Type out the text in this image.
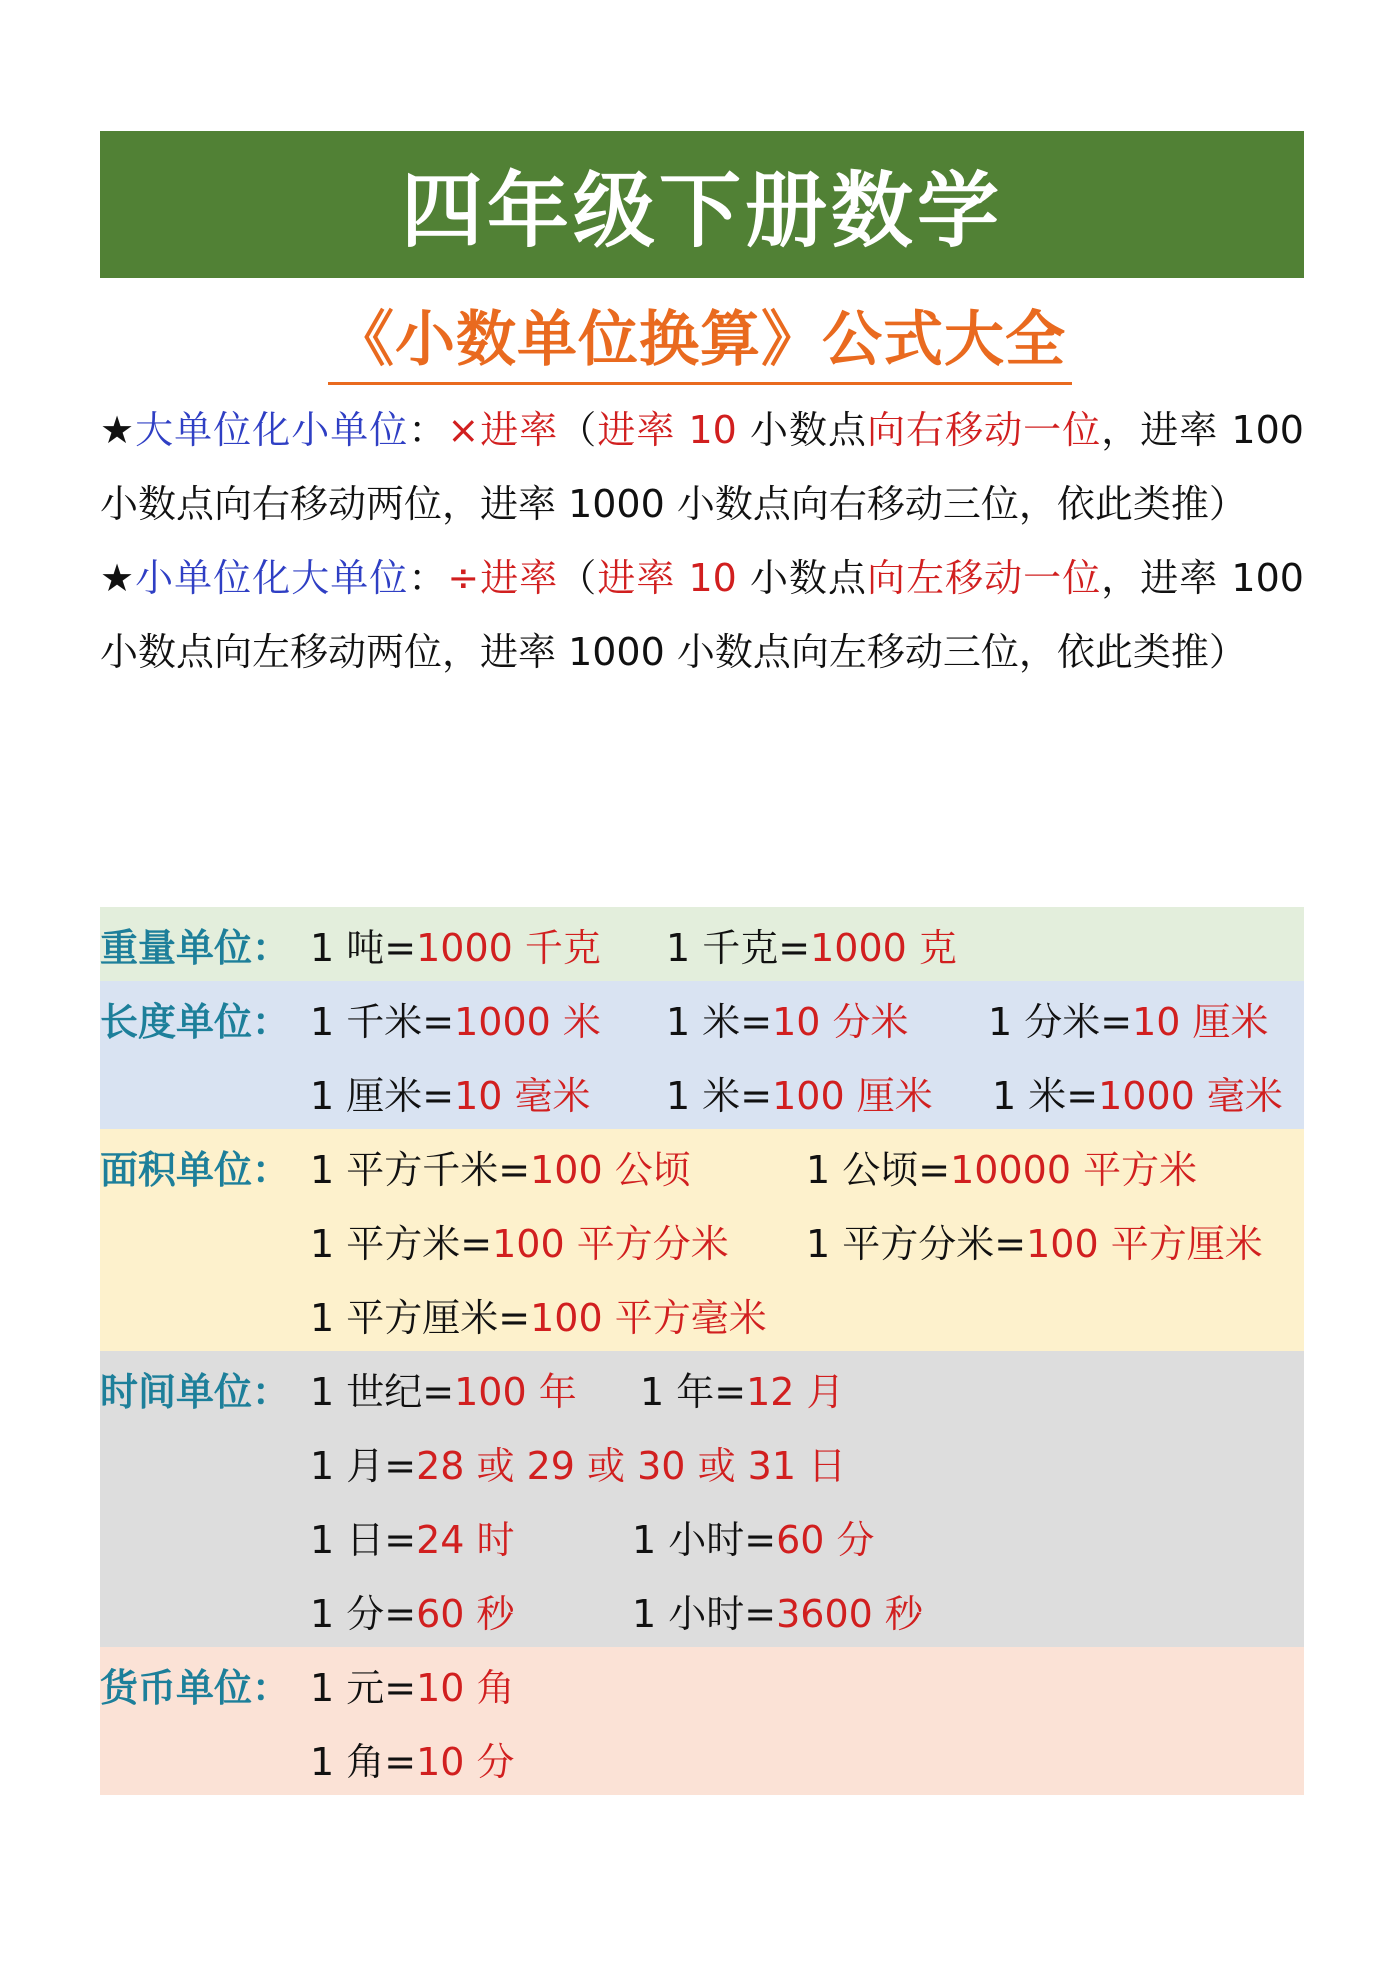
四年级下册数学
《小数单位换算》公式大全

★大单位化小单位：×进率（进率 10 小数点向右移动一位，进率 100 小数点向右移动两位，进率 1000 小数点向右移动三位，依此类推）

★小单位化大单位：÷进率（进率 10 小数点向左移动一位，进率 100 小数点向左移动两位，进率 1000 小数点向左移动三位，依此类推）

重量单位： 1 吨=1000 千克 1 千克=1000 克
长度单位： 1 千米=1000 米 1 米=10 分米 1 分米=10 厘米
1 厘米=10 毫米 1 米=100 厘米 1 米=1000 毫米
面积单位： 1 平方千米=100 公顷	1 公顷=10000 平方米
1 平方米=100 平方分米 1 平方分米=100 平方厘米
1 平方厘米=100 平方毫米
时间单位： 1 世纪=100 年 1 年=12 月
1 月=28 或 29 或 30 或 31 日
1 日=24 时	1 小时=60 分
1 分=60 秒	1 小时=3600 秒
货币单位： 1 元=10 角
1 角=10 分
